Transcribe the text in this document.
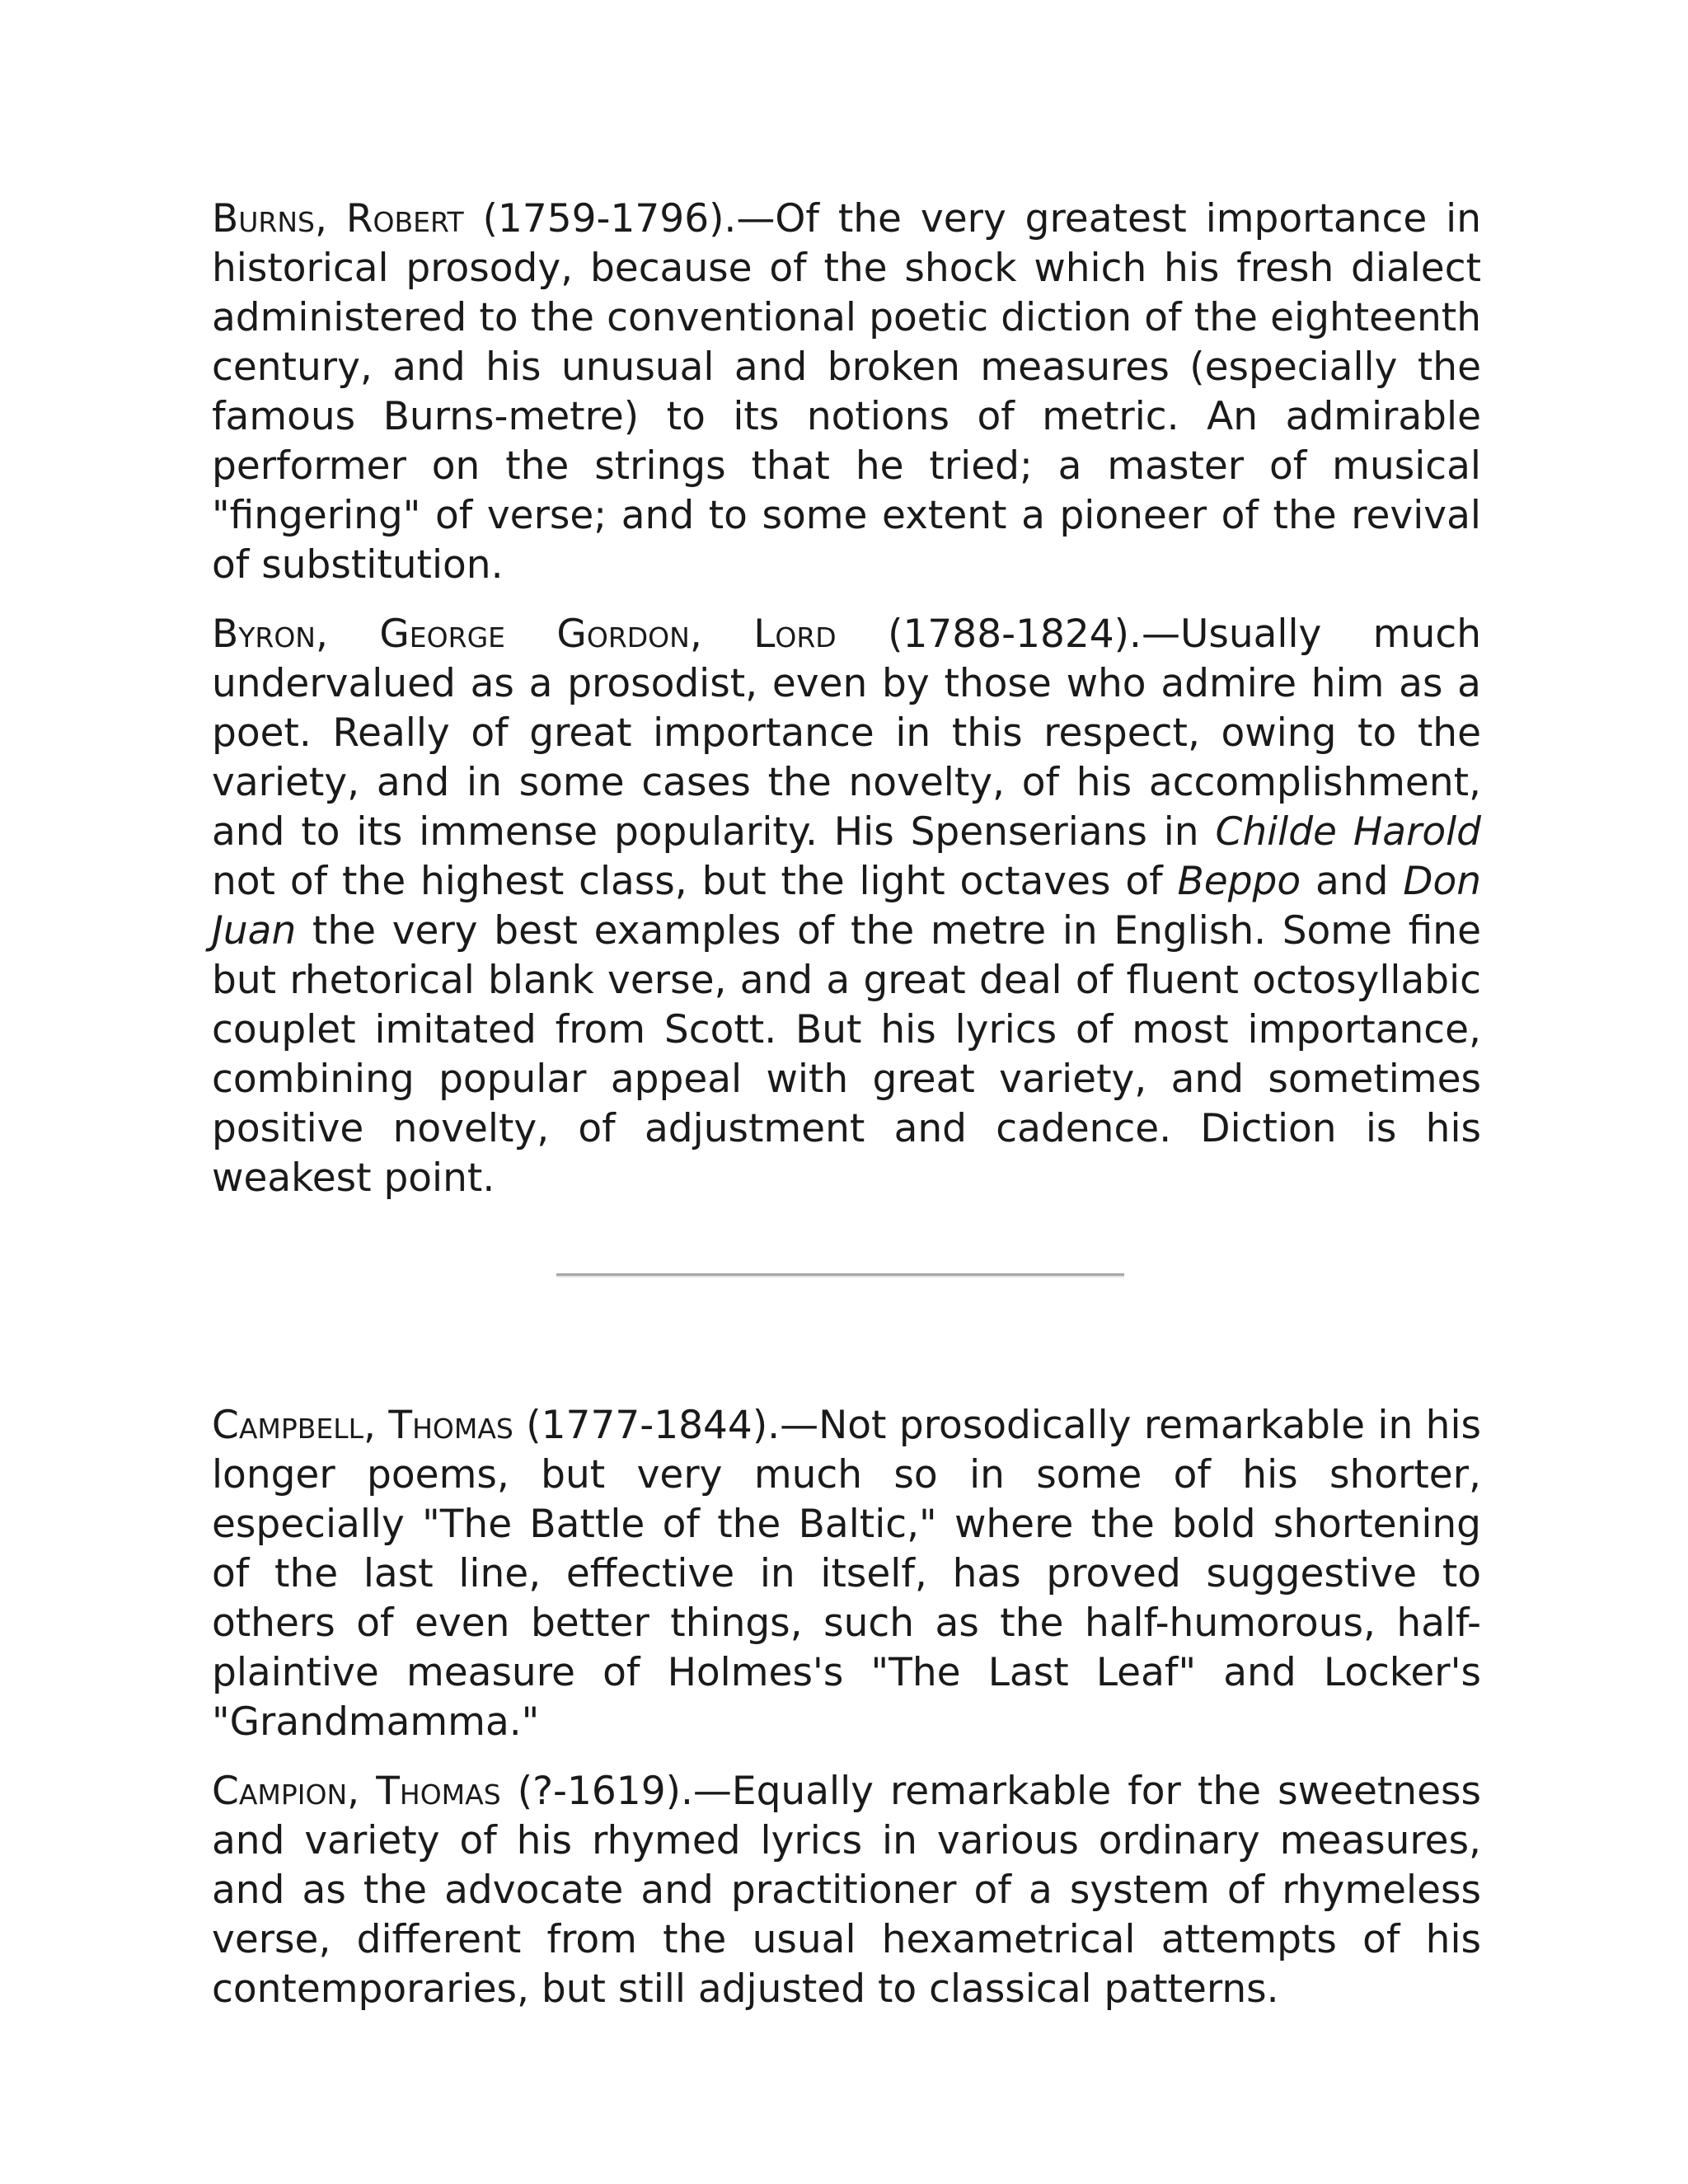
Burns, Robert (1759-1796).—Of the very greatest importance in historical prosody, because of the shock which his fresh dialect administered to the conventional poetic diction of the eighteenth century, and his unusual and broken measures (especially the famous Burns-metre) to its notions of metric. An admirable performer on the strings that he tried; a master of musical "fingering" of verse; and to some extent a pioneer of the revival of substitution.

Byron, George Gordon, Lord (1788-1824).—Usually much undervalued as a prosodist, even by those who admire him as a poet. Really of great importance in this respect, owing to the variety, and in some cases the novelty, of his accomplishment, and to its immense popularity. His Spenserians in Childe Harold not of the highest class, but the light octaves of Beppo and Don Juan the very best examples of the metre in English. Some fine but rhetorical blank verse, and a great deal of fluent octosyllabic couplet imitated from Scott. But his lyrics of most importance, combining popular appeal with great variety, and sometimes positive novelty, of adjustment and cadence. Diction is his weakest point.

Campbell, Thomas (1777-1844).—Not prosodically remarkable in his longer poems, but very much so in some of his shorter, especially "The Battle of the Baltic," where the bold shortening of the last line, effective in itself, has proved suggestive to others of even better things, such as the half-humorous, half-plaintive measure of Holmes's "The Last Leaf" and Locker's "Grandmamma."

Campion, Thomas (?-1619).—Equally remarkable for the sweetness and variety of his rhymed lyrics in various ordinary measures, and as the advocate and practitioner of a system of rhymeless verse, different from the usual hexametrical attempts of his contemporaries, but still adjusted to classical patterns.
